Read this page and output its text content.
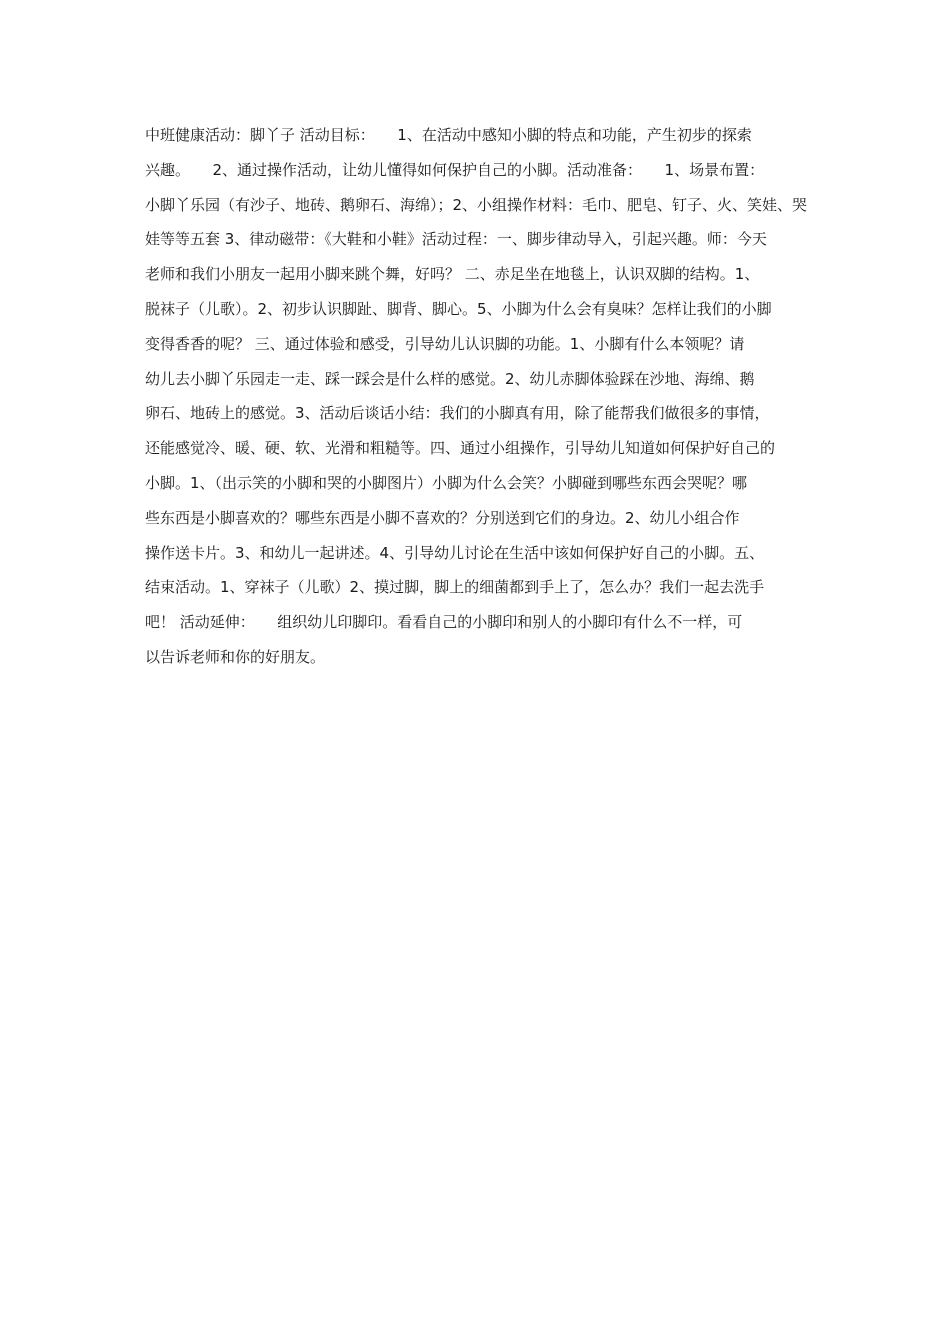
中班健康活动：脚丫子 活动目标：　　1、在活动中感知小脚的特点和功能，产生初步的探索
兴趣。　　2、通过操作活动，让幼儿懂得如何保护自己的小脚。活动准备：　　1、场景布置：
小脚丫乐园（有沙子、地砖、鹅卵石、海绵）；2、小组操作材料：毛巾、肥皂、钉子、火、笑娃、哭
娃等等五套 3、律动磁带：《大鞋和小鞋》活动过程：一、脚步律动导入，引起兴趣。师：今天
老师和我们小朋友一起用小脚来跳个舞，好吗？ 二、赤足坐在地毯上，认识双脚的结构。1、
脱袜子（儿歌）。2、初步认识脚趾、脚背、脚心。5、小脚为什么会有臭味？怎样让我们的小脚
变得香香的呢？ 三、通过体验和感受，引导幼儿认识脚的功能。1、小脚有什么本领呢？请
幼儿去小脚丫乐园走一走、踩一踩会是什么样的感觉。2、幼儿赤脚体验踩在沙地、海绵、鹅
卵石、地砖上的感觉。3、活动后谈话小结：我们的小脚真有用，除了能帮我们做很多的事情，
还能感觉冷、暖、硬、软、光滑和粗糙等。四、通过小组操作，引导幼儿知道如何保护好自己的
小脚。1、（出示笑的小脚和哭的小脚图片）小脚为什么会笑？小脚碰到哪些东西会哭呢？哪
些东西是小脚喜欢的？哪些东西是小脚不喜欢的？分别送到它们的身边。2、幼儿小组合作
操作送卡片。3、和幼儿一起讲述。4、引导幼儿讨论在生活中该如何保护好自己的小脚。五、
结束活动。1、穿袜子（儿歌）2、摸过脚，脚上的细菌都到手上了，怎么办？我们一起去洗手
吧！ 活动延伸：　　组织幼儿印脚印。看看自己的小脚印和别人的小脚印有什么不一样，可
以告诉老师和你的好朋友。
